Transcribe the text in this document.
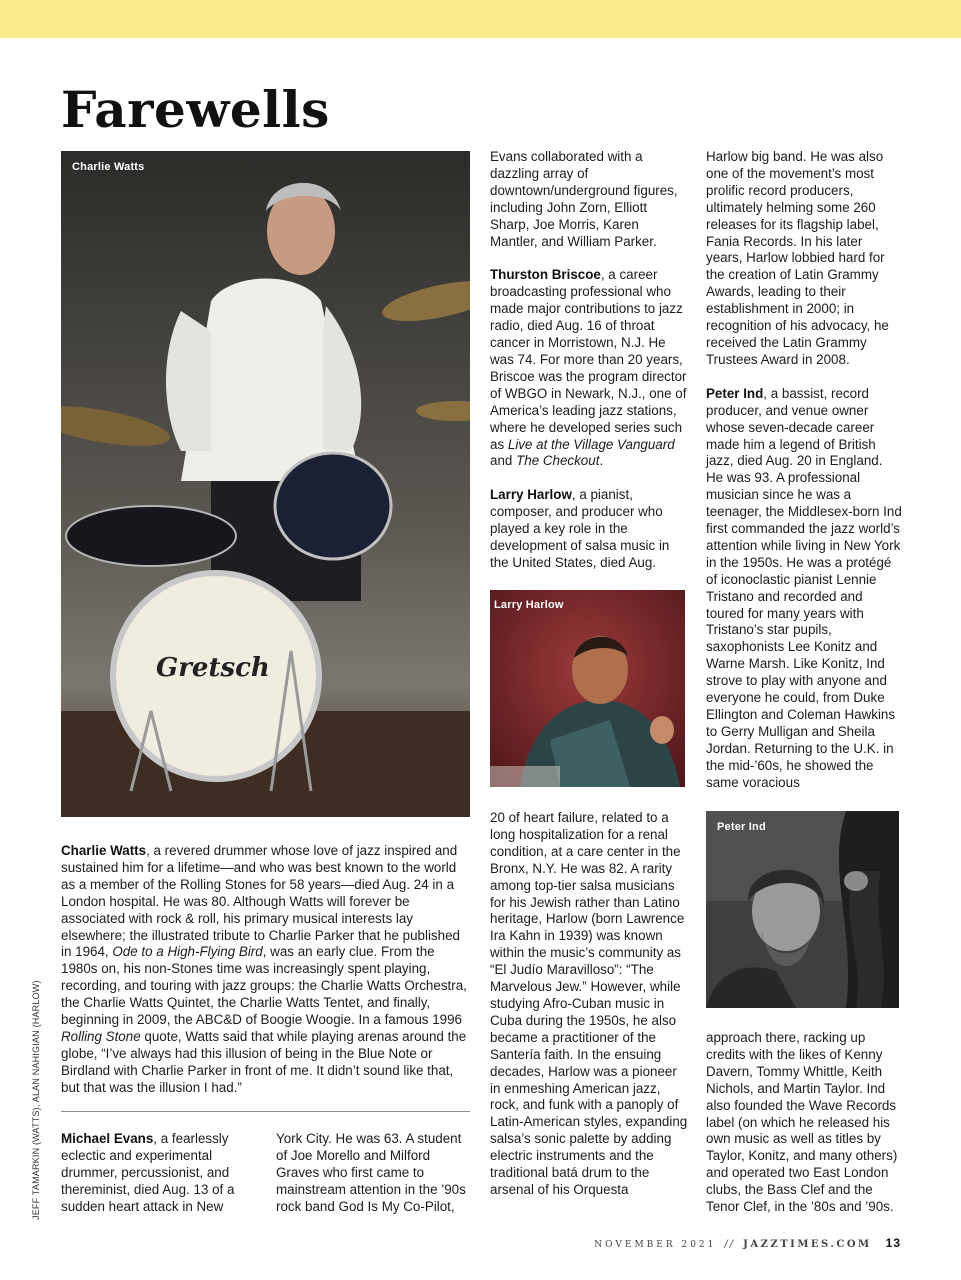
Farewells
Gretsch
Charlie Watts
Larry Harlow
Peter Ind

Charlie Watts, a revered drummer whose love of jazz inspired and sustained him for a lifetime—and who was best known to the world as a member of the Rolling Stones for 58 years—died Aug. 24 in a London hospital. He was 80. Although Watts will forever be associated with rock & roll, his primary musical interests lay elsewhere; the illustrated tribute to Charlie Parker that he published in 1964, Ode to a High-Flying Bird, was an early clue. From the 1980s on, his non-Stones time was increasingly spent playing, recording, and touring with jazz groups: the Charlie Watts Orchestra, the Charlie Watts Quintet, the Charlie Watts Tentet, and finally, beginning in 2009, the ABC&D of Boogie Woogie. In a famous 1996 Rolling Stone quote, Watts said that while playing arenas around the globe, “I’ve always had this illusion of being in the Blue Note or Birdland with Charlie Parker in front of me. It didn’t sound like that, but that was the illusion I had.”

Michael Evans, a fearlessly eclectic and experimental drummer, percussionist, and thereminist, died Aug. 13 of a sudden heart attack in New

York City. He was 63. A student of Joe Morello and Milford Graves who first came to mainstream attention in the ’90s rock band God Is My Co-Pilot,

Evans collaborated with a dazzling array of downtown/underground figures, including John Zorn, Elliott Sharp, Joe Morris, Karen Mantler, and William Parker.

Thurston Briscoe, a career broadcasting professional who made major contributions to jazz radio, died Aug. 16 of throat cancer in Morristown, N.J. He was 74. For more than 20 years, Briscoe was the program director of WBGO in Newark, N.J., one of America’s leading jazz stations, where he developed series such as Live at the Village Vanguard and The Checkout.

Larry Harlow, a pianist, composer, and producer who played a key role in the development of salsa music in the United States, died Aug.

20 of heart failure, related to a long hospitalization for a renal condition, at a care center in the Bronx, N.Y. He was 82. A rarity among top-tier salsa musicians for his Jewish rather than Latino heritage, Harlow (born Lawrence Ira Kahn in 1939) was known within the music’s community as “El Judío Maravilloso”: “The Marvelous Jew.” However, while studying Afro-Cuban music in Cuba during the 1950s, he also became a practitioner of the Santería faith. In the ensuing decades, Harlow was a pioneer in enmeshing American jazz, rock, and funk with a panoply of Latin-American styles, expanding salsa’s sonic palette by adding electric instruments and the traditional batá drum to the arsenal of his Orquesta

Harlow big band. He was also one of the movement’s most prolific record producers, ultimately helming some 260 releases for its flagship label, Fania Records. In his later years, Harlow lobbied hard for the creation of Latin Grammy Awards, leading to their establishment in 2000; in recognition of his advocacy, he received the Latin Grammy Trustees Award in 2008.

Peter Ind, a bassist, record producer, and venue owner whose seven-decade career made him a legend of British jazz, died Aug. 20 in England. He was 93. A professional musician since he was a teenager, the Middlesex-born Ind first commanded the jazz world’s attention while living in New York in the 1950s. He was a protégé of iconoclastic pianist Lennie Tristano and recorded and toured for many years with Tristano’s star pupils, saxophonists Lee Konitz and Warne Marsh. Like Konitz, Ind strove to play with anyone and everyone he could, from Duke Ellington and Coleman Hawkins to Gerry Mulligan and Sheila Jordan. Returning to the U.K. in the mid-’60s, he showed the same voracious

approach there, racking up credits with the likes of Kenny Davern, Tommy Whittle, Keith Nichols, and Martin Taylor. Ind also founded the Wave Records label (on which he released his own music as well as titles by Taylor, Konitz, and many others) and operated two East London clubs, the Bass Clef and the Tenor Clef, in the ’80s and ’90s.

JEFF TAMARKIN (WATTS), ALAN NAHIGIAN (HARLOW)
NOVEMBER 2021 // JAZZTIMES.COM 13
